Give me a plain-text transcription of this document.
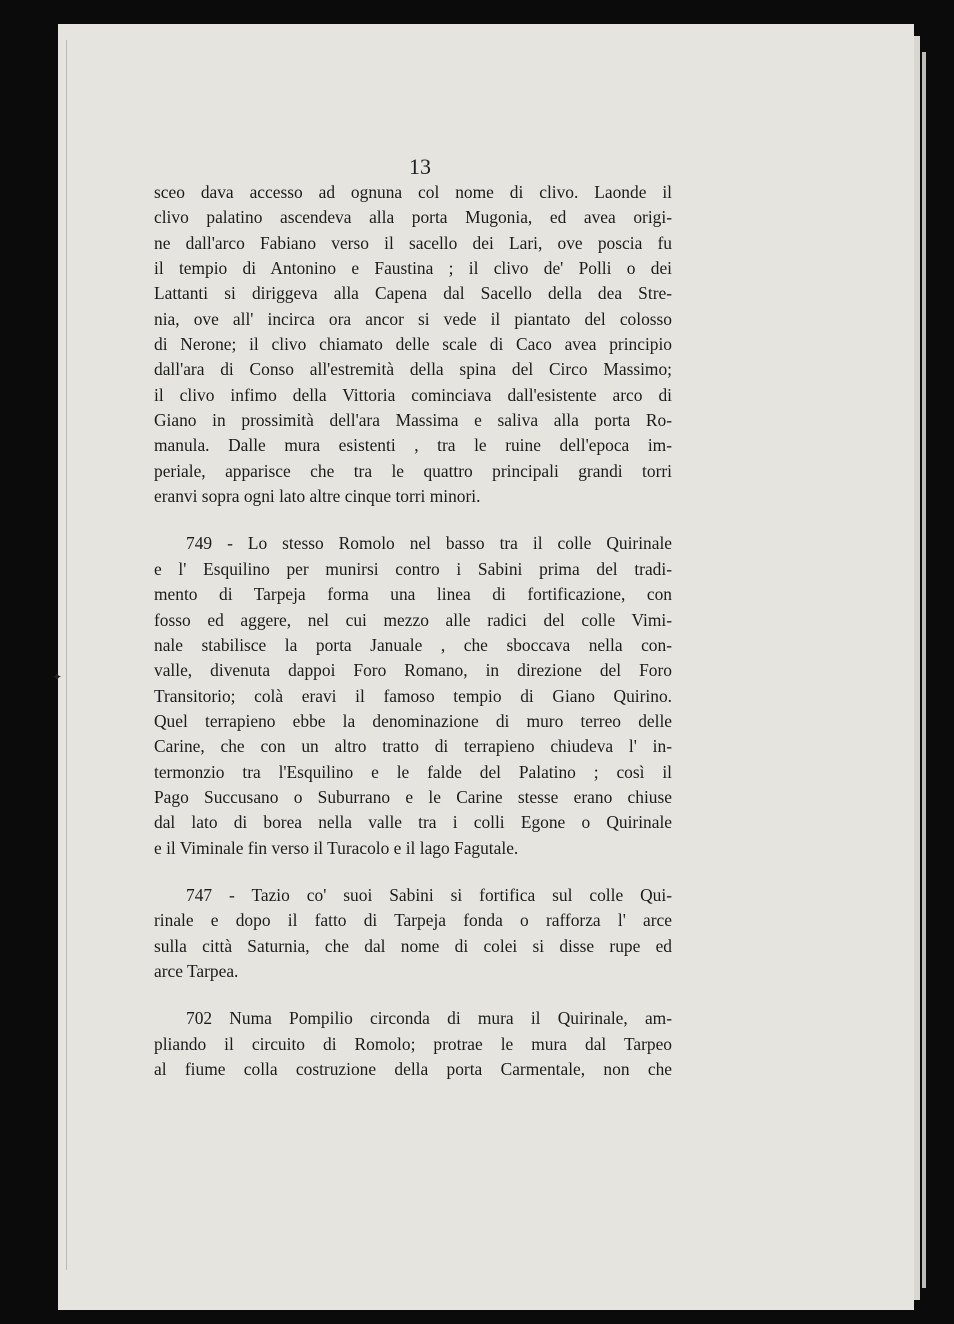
✦
13
sceo dava accesso ad ognuna col nome di clivo. Laonde il
clivo palatino ascendeva alla porta Mugonia, ed avea origi-
ne dall'arco Fabiano verso il sacello dei Lari, ove poscia fu
il tempio di Antonino e Faustina ; il clivo de' Polli o dei
Lattanti si diriggeva alla Capena dal Sacello della dea Stre-
nia, ove all' incirca ora ancor si vede il piantato del colosso
di Nerone; il clivo chiamato delle scale di Caco avea principio
dall'ara di Conso all'estremità della spina del Circo Massimo;
il clivo infimo della Vittoria cominciava dall'esistente arco di
Giano in prossimità dell'ara Massima e saliva alla porta Ro-
manula. Dalle mura esistenti , tra le ruine dell'epoca im-
periale, apparisce che tra le quattro principali grandi torri
eranvi sopra ogni lato altre cinque torri minori.
749 - Lo stesso Romolo nel basso tra il colle Quirinale
e l' Esquilino per munirsi contro i Sabini prima del tradi-
mento di Tarpeja forma una linea di fortificazione, con
fosso ed aggere, nel cui mezzo alle radici del colle Vimi-
nale stabilisce la porta Januale , che sboccava nella con-
valle, divenuta dappoi Foro Romano, in direzione del Foro
Transitorio; colà eravi il famoso tempio di Giano Quirino.
Quel terrapieno ebbe la denominazione di muro terreo delle
Carine, che con un altro tratto di terrapieno chiudeva l' in-
termonzio tra l'Esquilino e le falde del Palatino ; così il
Pago Succusano o Suburrano e le Carine stesse erano chiuse
dal lato di borea nella valle tra i colli Egone o Quirinale
e il Viminale fin verso il Turacolo e il lago Fagutale.
747 - Tazio co' suoi Sabini si fortifica sul colle Qui-
rinale e dopo il fatto di Tarpeja fonda o rafforza l' arce
sulla città Saturnia, che dal nome di colei si disse rupe ed
arce Tarpea.
702 Numa Pompilio circonda di mura il Quirinale, am-
pliando il circuito di Romolo; protrae le mura dal Tarpeo
al fiume colla costruzione della porta Carmentale, non che
